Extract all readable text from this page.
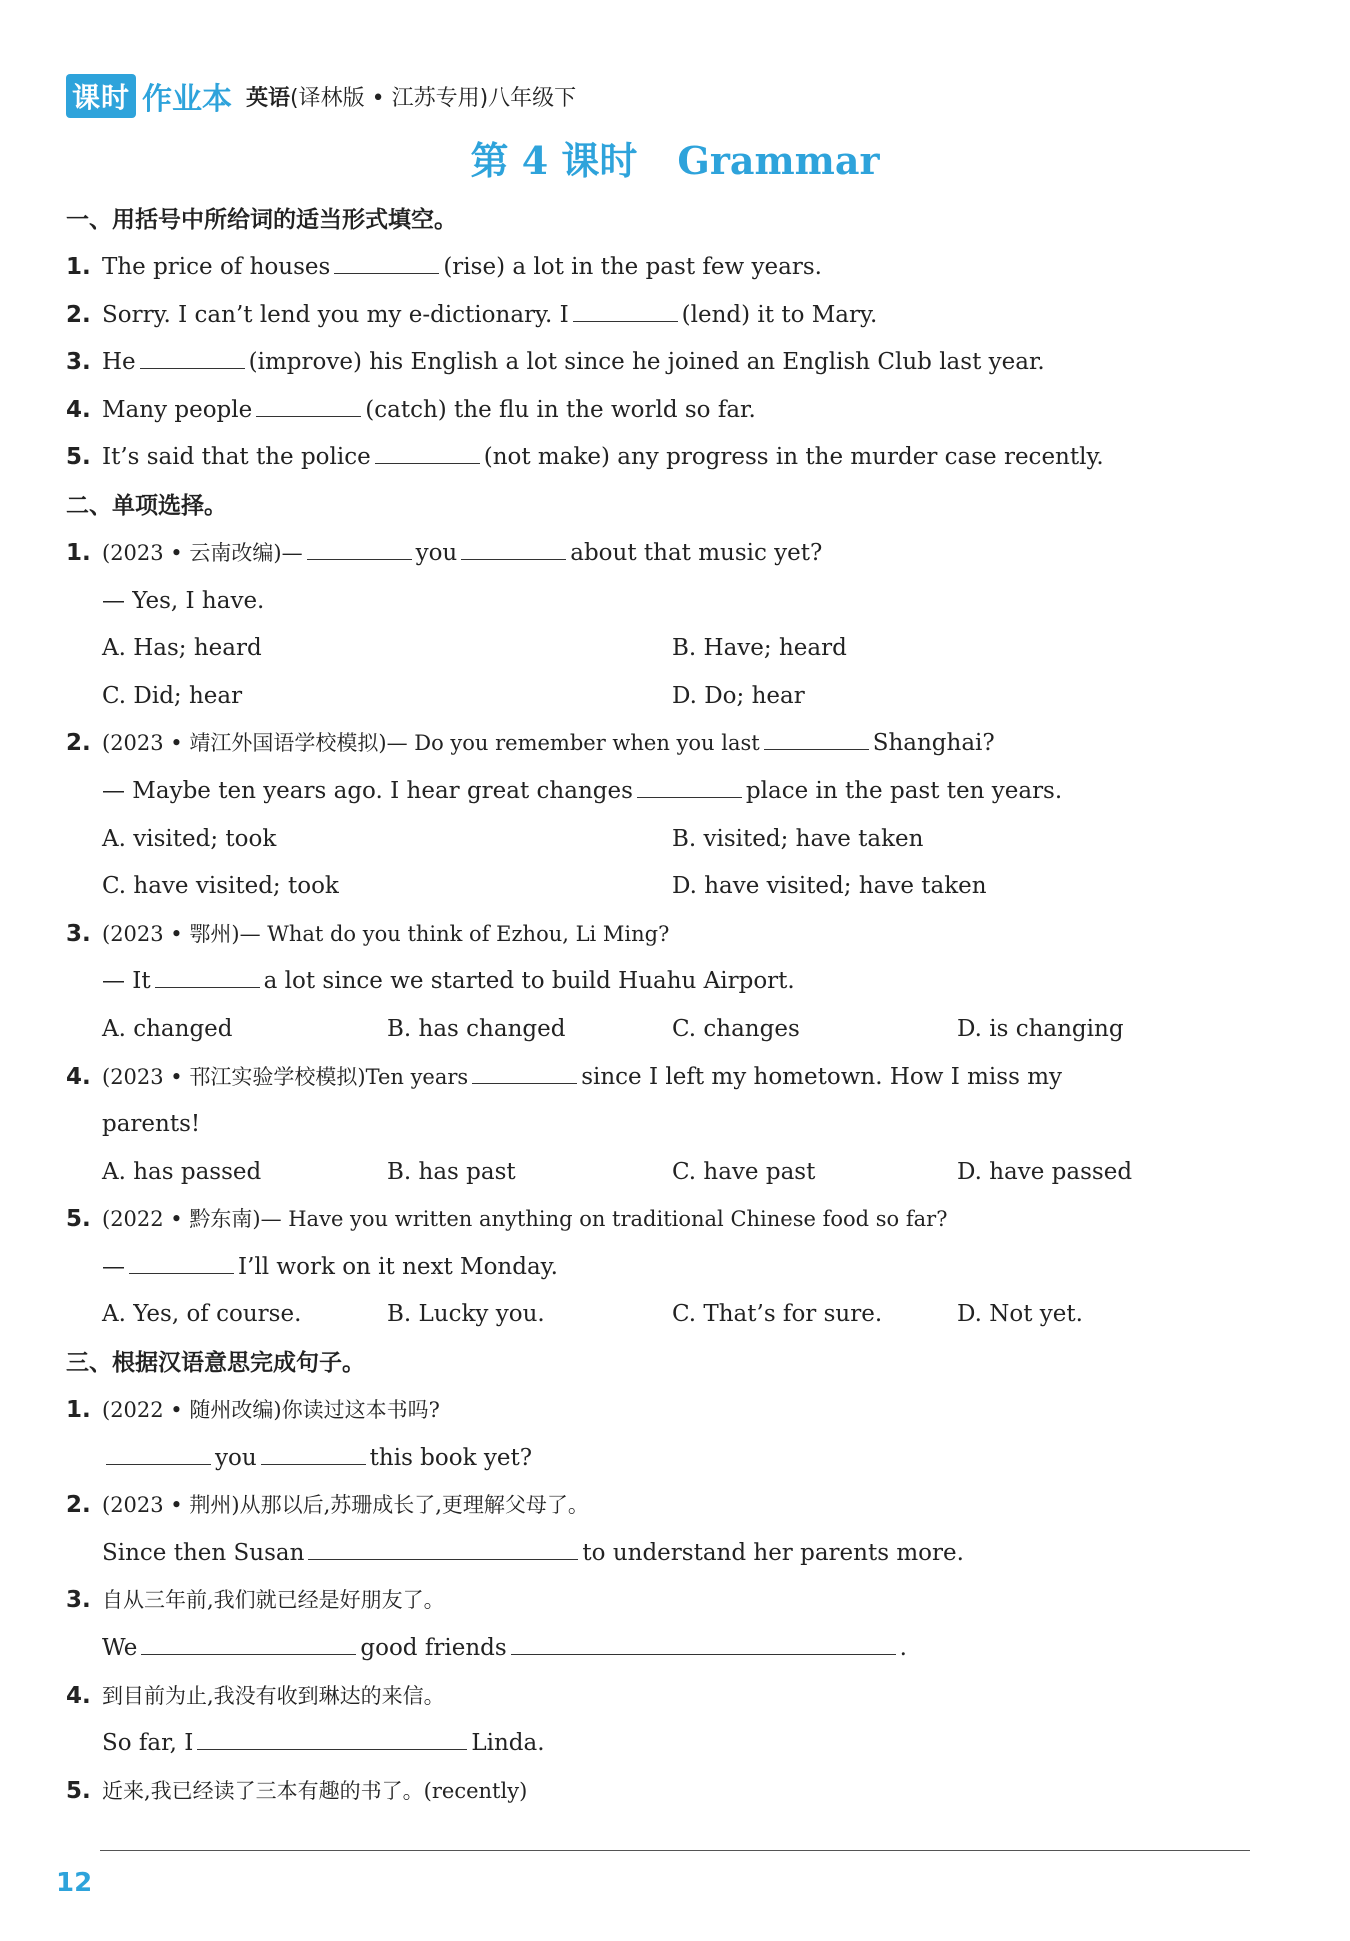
课时 作业本 英语(译林版 • 江苏专用)八年级下
第 4 课时 Grammar
一、用括号中所给词的适当形式填空。
1. The price of houses	(rise) a lot in the past few years.
2. Sorry. I can’t lend you my e-dictionary. I	(lend) it to Mary.
3. He	(improve) his English a lot since he joined an English Club last year.
4. Many people	(catch) the flu in the world so far.
5. It’s said that the police	(not make) any progress in the murder case recently.
二、单项选择。
1. (2023 • 云南改编)—	you	about that music yet?
— Yes, I have.
A. Has; heard	B. Have; heard
C. Did; hear	D. Do; hear
2. (2023 • 靖江外国语学校模拟)— Do you remember when you last	Shanghai?
— Maybe ten years ago. I hear great changes	place in the past ten years.
A. visited; took	B. visited; have taken
C. have visited; took	D. have visited; have taken
3. (2023 • 鄂州)— What do you think of Ezhou, Li Ming?
— It	a lot since we started to build Huahu Airport.
A. changed	B. has changed	C. changes	D. is changing
4. (2023 • 邗江实验学校模拟)Ten years	since I left my hometown. How I miss my
parents!
A. has passed	B. has past	C. have past	D. have passed
5. (2022 • 黔东南)— Have you written anything on traditional Chinese food so far?
—	I’ll work on it next Monday.
A. Yes, of course.	B. Lucky you.	C. That’s for sure.	D. Not yet.
三、根据汉语意思完成句子。
1. (2022 • 随州改编)你读过这本书吗?
you	this book yet?
2. (2023 • 荆州)从那以后,苏珊成长了,更理解父母了。
Since then Susan	to understand her parents more.
3. 自从三年前,我们就已经是好朋友了。
We	good friends	.
4. 到目前为止,我没有收到琳达的来信。
So far, I	Linda.
5. 近来,我已经读了三本有趣的书了。(recently)
12
